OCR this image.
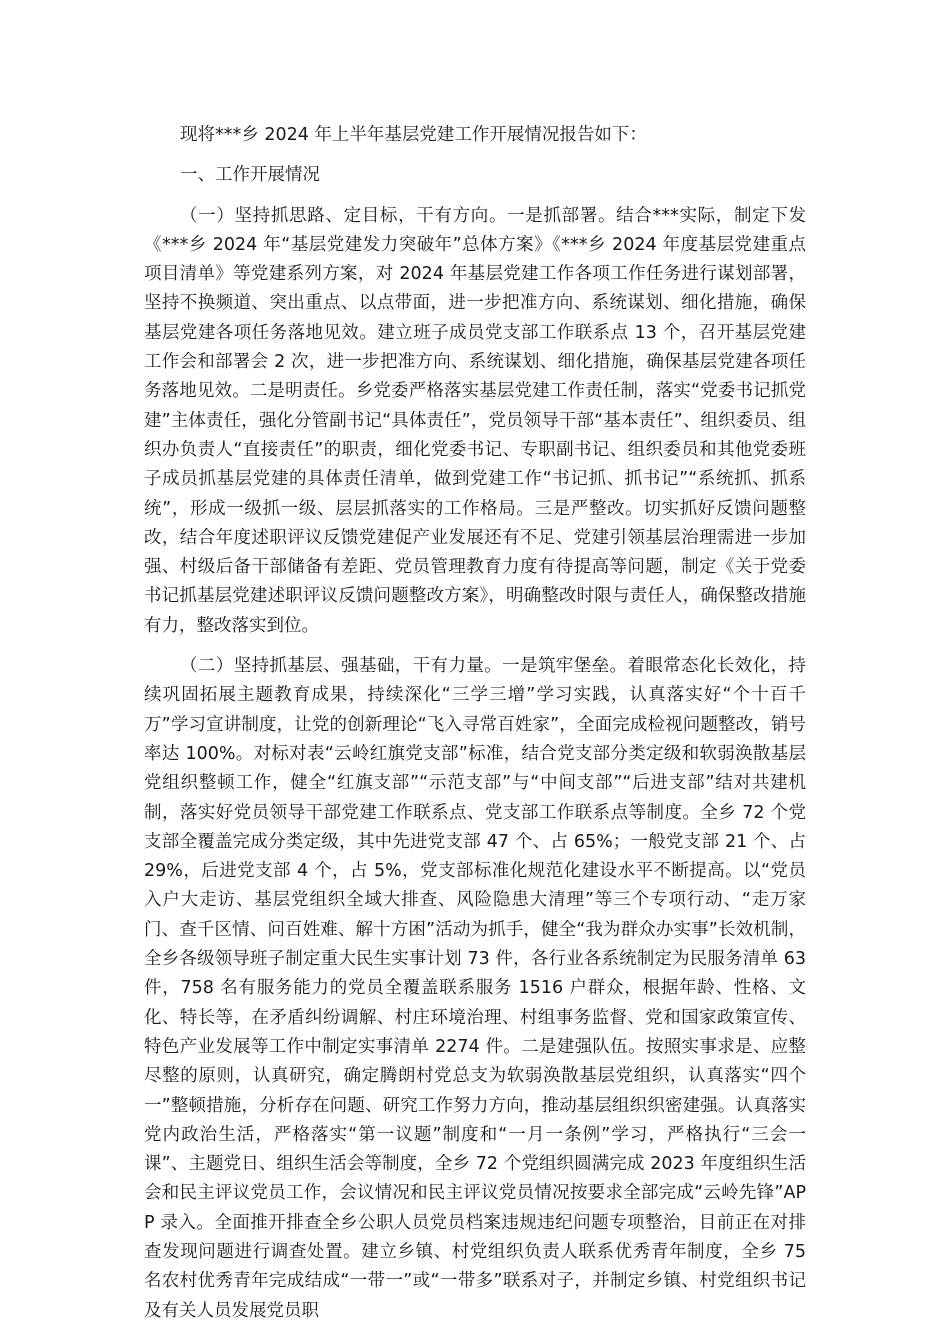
现将***乡 2024 年上半年基层党建工作开展情况报告如下：

一、工作开展情况

（一）坚持抓思路、定目标，干有方向。一是抓部署。结合***实际，制定下发《***乡 2024 年“基层党建发力突破年”总体方案》《***乡 2024 年度基层党建重点项目清单》等党建系列方案，对 2024 年基层党建工作各项工作任务进行谋划部署，坚持不换频道、突出重点、以点带面，进一步把准方向、系统谋划、细化措施，确保基层党建各项任务落地见效。建立班子成员党支部工作联系点 13 个，召开基层党建工作会和部署会 2 次，进一步把准方向、系统谋划、细化措施，确保基层党建各项任务落地见效。二是明责任。乡党委严格落实基层党建工作责任制，落实“党委书记抓党建”主体责任，强化分管副书记“具体责任”，党员领导干部“基本责任”、组织委员、组织办负责人“直接责任”的职责，细化党委书记、专职副书记、组织委员和其他党委班子成员抓基层党建的具体责任清单，做到党建工作“书记抓、抓书记”“系统抓、抓系统”，形成一级抓一级、层层抓落实的工作格局。三是严整改。切实抓好反馈问题整改，结合年度述职评议反馈党建促产业发展还有不足、党建引领基层治理需进一步加强、村级后备干部储备有差距、党员管理教育力度有待提高等问题，制定《关于党委书记抓基层党建述职评议反馈问题整改方案》，明确整改时限与责任人，确保整改措施有力，整改落实到位。

（二）坚持抓基层、强基础，干有力量。一是筑牢堡垒。着眼常态化长效化，持续巩固拓展主题教育成果，持续深化“三学三增”学习实践，认真落实好“个十百千万”学习宣讲制度，让党的创新理论“飞入寻常百姓家”，全面完成检视问题整改，销号率达 100%。对标对表“云岭红旗党支部”标准，结合党支部分类定级和软弱涣散基层党组织整顿工作，健全“红旗支部”“示范支部”与“中间支部”“后进支部”结对共建机制，落实好党员领导干部党建工作联系点、党支部工作联系点等制度。全乡 72 个党支部全覆盖完成分类定级，其中先进党支部 47 个、占 65%；一般党支部 21 个、占 29%，后进党支部 4 个，占 5%，党支部标准化规范化建设水平不断提高。以“党员入户大走访、基层党组织全域大排查、风险隐患大清理”等三个专项行动、“走万家门、查千区情、问百姓难、解十方困”活动为抓手，健全“我为群众办实事”长效机制，全乡各级领导班子制定重大民生实事计划 73 件，各行业各系统制定为民服务清单 63 件，758 名有服务能力的党员全覆盖联系服务 1516 户群众，根据年龄、性格、文化、特长等，在矛盾纠纷调解、村庄环境治理、村组事务监督、党和国家政策宣传、特色产业发展等工作中制定实事清单 2274 件。二是建强队伍。按照实事求是、应整尽整的原则，认真研究，确定腾朗村党总支为软弱涣散基层党组织，认真落实“四个一”整顿措施，分析存在问题、研究工作努力方向，推动基层组织织密建强。认真落实党内政治生活，严格落实“第一议题”制度和“一月一条例”学习，严格执行“三会一课”、主题党日、组织生活会等制度，全乡 72 个党组织圆满完成 2023 年度组织生活会和民主评议党员工作，会议情况和民主评议党员情况按要求全部完成“云岭先锋”APP 录入。全面推开排查全乡公职人员党员档案违规违纪问题专项整治，目前正在对排查发现问题进行调查处置。建立乡镇、村党组织负责人联系优秀青年制度，全乡 75 名农村优秀青年完成结成“一带一”或“一带多”联系对子，并制定乡镇、村党组织书记及有关人员发展党员职
